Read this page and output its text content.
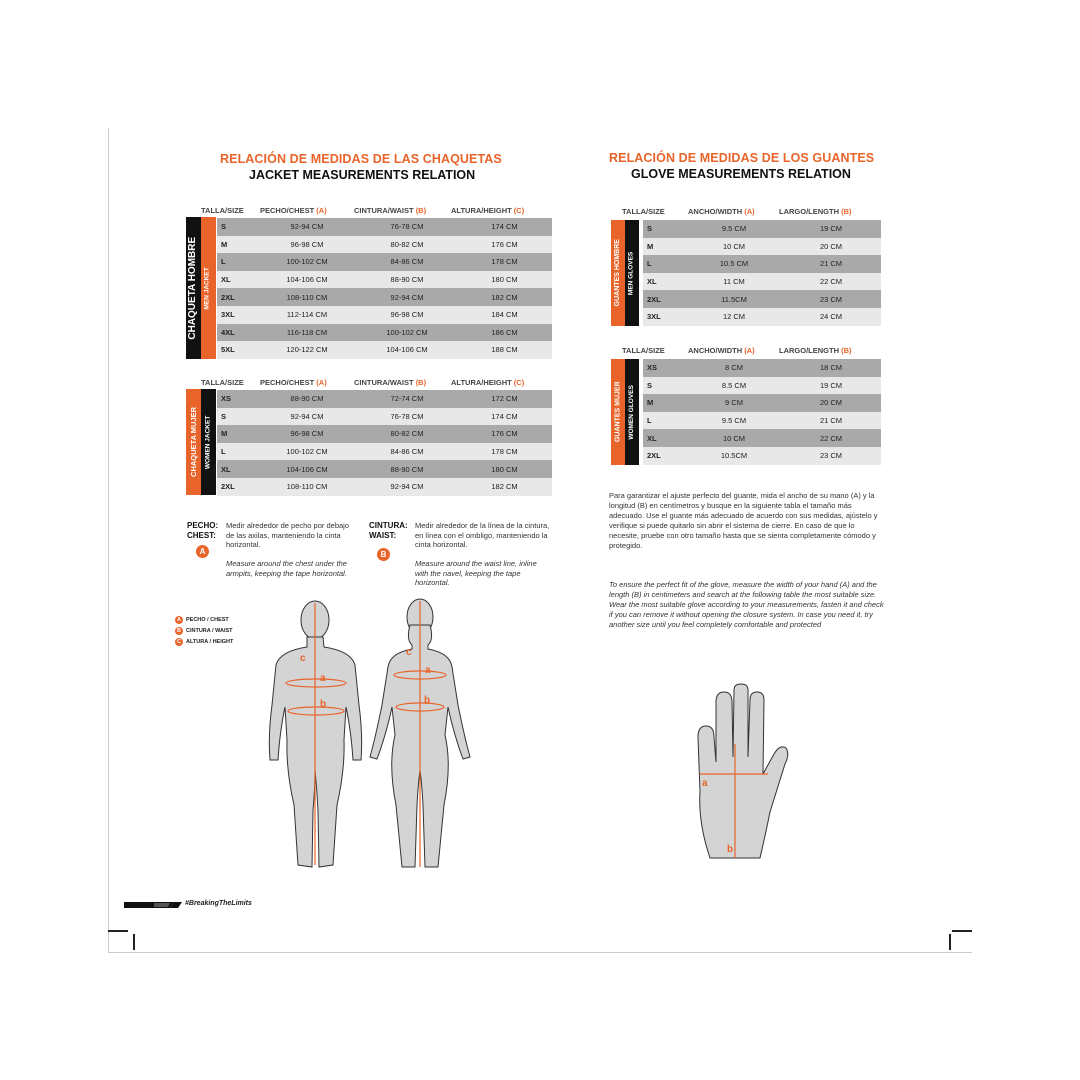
RELACIÓN DE MEDIDAS DE LAS CHAQUETAS
JACKET MEASUREMENTS RELATION
TALLA/SIZE PECHO/CHEST (A)	CINTURA/WAIST (B)	ALTURA/HEIGHT (C)
CHAQUETA HOMBRE MEN JACKET
S	92-94 CM	76-78 CM	174 CM
M	96-98 CM	80-82 CM	176 CM
L	100-102 CM	84-86 CM	178 CM
XL	104-106 CM	88-90 CM	180 CM
2XL	108-110 CM	92-94 CM	182 CM
3XL	112-114 CM	96-98 CM	184 CM
4XL	116-118 CM	100-102 CM	186 CM
5XL	120-122 CM	104-106 CM	188 CM
TALLA/SIZE PECHO/CHEST (A)	CINTURA/WAIST (B)	ALTURA/HEIGHT (C)
CHAQUETA MUJER WOMEN JACKET
XS	88-90 CM	72-74 CM	172 CM
S	92-94 CM	76-78 CM	174 CM
M	96-98 CM	80-82 CM	176 CM
L	100-102 CM	84-86 CM	178 CM
XL	104-106 CM	88-90 CM	180 CM
2XL	108-110 CM	92-94 CM	182 CM
PECHO:
CHEST:
A
Medir alrededor de pecho por debajo de las axilas, manteniendo la cinta horizontal.
Measure around the chest under the armpits, keeping the tape horizontal.
CINTURA:
WAIST:
B
Medir alrededor de la línea de la cintura, en línea con el ombligo, manteniendo la cinta horizontal.
Measure around the waist line, inline with the navel, keeping the tape horizontal.
A PECHO / CHEST
B CINTURA / WAIST
C ALTURA / HEIGHT
c
a
b
c
a
b
RELACIÓN DE MEDIDAS DE LOS GUANTES
GLOVE MEASUREMENTS RELATION
TALLA/SIZE	ANCHO/WIDTH (A)	LARGO/LENGTH (B)
GUANTES HOMBRE MEN GLOVES
S	9.5 CM	19 CM
M	10 CM	20 CM
L	10.5 CM	21 CM
XL	11 CM	22 CM
2XL	11.5CM	23 CM
3XL	12 CM	24 CM
TALLA/SIZE	ANCHO/WIDTH (A)	LARGO/LENGTH (B)
GUANTES MUJER WOMEN GLOVES
XS	8 CM	18 CM
S	8.5 CM	19 CM
M	9 CM	20 CM
L	9.5 CM	21 CM
XL	10 CM	22 CM
2XL	10.5CM	23 CM
Para garantizar el ajuste perfecto del guante, mida el ancho de su mano (A) y la longitud (B) en centímetros y busque en la siguiente tabla el tamaño más adecuado. Use el guante más adecuado de acuerdo con sus medidas, ajústelo y verifique si puede quitarlo sin abrir el sistema de cierre. En caso de que lo necesite, pruebe con otro tamaño hasta que se sienta completamente cómodo y protegido.
To ensure the perfect fit of the glove, measure the width of your hand (A) and the length (B) in centimeters and search at the following table the most suitable size. Wear the most suitable glove according to your measurements, fasten it and check if you can remove it without opening the closure system. In case you need it, try another size until you feel completely comfortable and protected
a
b
#BreakingTheLimits
